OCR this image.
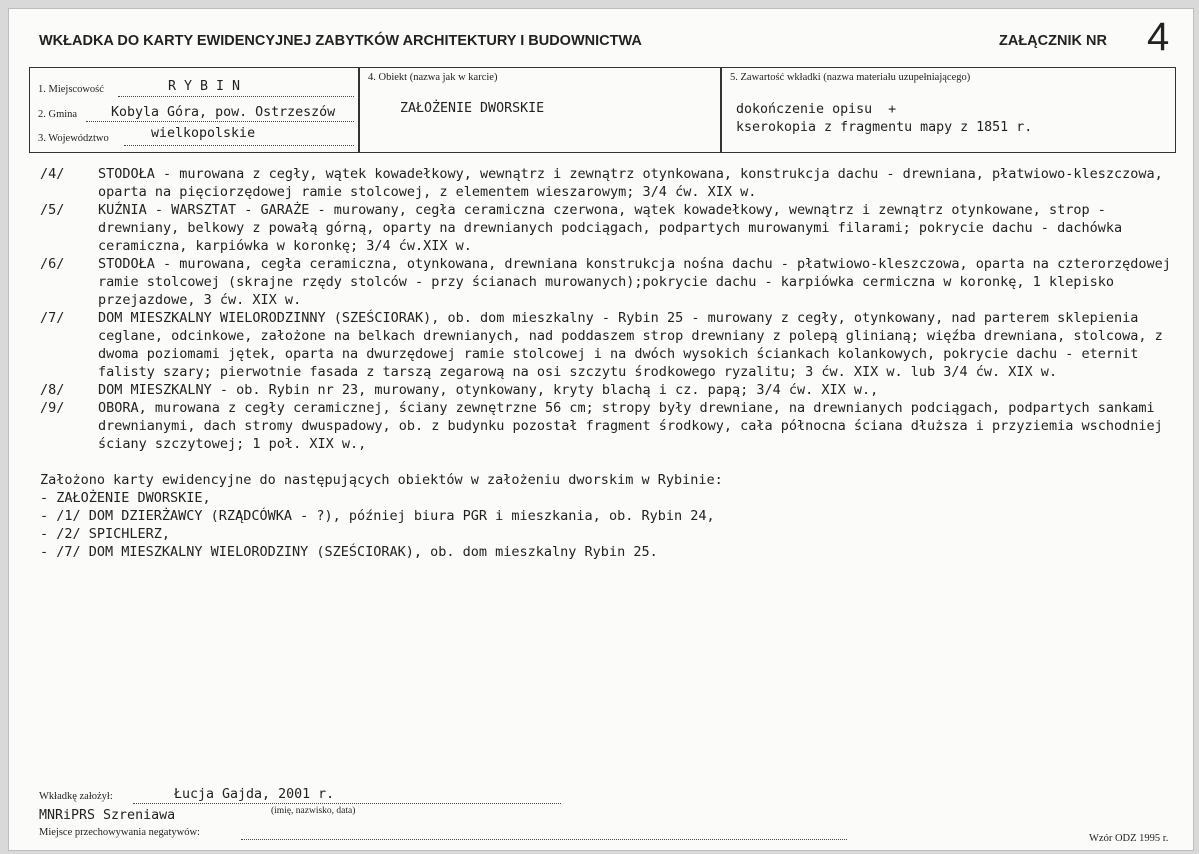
WKŁADKA DO KARTY EWIDENCYJNEJ ZABYTKÓW ARCHITEKTURY I BUDOWNICTWA	ZAŁĄCZNIK NR 4
1. Miejscowość	R Y B I N
2. Gmina	Kobyla Góra, pow. Ostrzeszów
3. Województwo	wielkopolskie
4. Obiekt (nazwa jak w karcie)
ZAŁOŻENIE DWORSKIE
5. Zawartość wkładki (nazwa materiału uzupełniającego)
dokończenie opisu  +
kserokopia z fragmentu mapy z 1851 r.
/4/	STODOŁA - murowana z cegły, wątek kowadełkowy, wewnątrz i zewnątrz otynkowana, konstrukcja dachu - drewniana, płatwiowo-kleszczowa, oparta na pięciorzędowej ramie stolcowej, z elementem wieszarowym; 3/4 ćw. XIX w.
/5/	KUŹNIA - WARSZTAT - GARAŻE - murowany, cegła ceramiczna czerwona, wątek kowadełkowy, wewnątrz i zewnątrz otynkowane, strop - drewniany, belkowy z powałą górną, oparty na drewnianych podciągach, podpartych murowanymi filarami; pokrycie dachu - dachówka ceramiczna, karpiówka w koronkę; 3/4 ćw.XIX w.
/6/	STODOŁA - murowana, cegła ceramiczna, otynkowana, drewniana konstrukcja nośna dachu - płatwiowo-kleszczowa, oparta na czterorzędowej ramie stolcowej (skrajne rzędy stolców - przy ścianach murowanych);pokrycie dachu - karpiówka cermiczna w koronkę, 1 klepisko przejazdowe, 3 ćw. XIX w.
/7/	DOM MIESZKALNY WIELORODZINNY (SZEŚCIORAK), ob. dom mieszkalny - Rybin 25 - murowany z cegły, otynkowany, nad parterem sklepienia ceglane, odcinkowe, założone na belkach drewnianych, nad poddaszem strop drewniany z polepą glinianą; więźba drewniana, stolcowa, z dwoma poziomami jętek, oparta na dwurzędowej ramie stolcowej i na dwóch wysokich ściankach kolankowych, pokrycie dachu - eternit falisty szary; pierwotnie fasada z tarszą zegarową na osi szczytu środkowego ryzalitu; 3 ćw. XIX w. lub 3/4 ćw. XIX w.
/8/	DOM MIESZKALNY - ob. Rybin nr 23, murowany, otynkowany, kryty blachą i cz. papą; 3/4 ćw. XIX w.,
/9/	OBORA, murowana z cegły ceramicznej, ściany zewnętrzne 56 cm; stropy były drewniane, na drewnianych podciągach, podpartych sankami drewnianymi, dach stromy dwuspadowy, ob. z budynku pozostał fragment środkowy, cała północna ściana dłuższa i przyziemia wschodniej ściany szczytowej; 1 poł. XIX w.,
Założono karty ewidencyjne do następujących obiektów w założeniu dworskim w Rybinie:
- ZAŁOŻENIE DWORSKIE,
- /1/ DOM DZIERŻAWCY (RZĄDCÓWKA - ?), później biura PGR i mieszkania, ob. Rybin 24,
- /2/ SPICHLERZ,
- /7/ DOM MIESZKALNY WIELORODZINY (SZEŚCIORAK), ob. dom mieszkalny Rybin 25.
Wkładkę założył:	Łucja Gajda, 2001 r.
(imię, nazwisko, data)
MNRiPRS Szreniawa
Miejsce przechowywania negatywów:
Wzór ODZ 1995 r.
